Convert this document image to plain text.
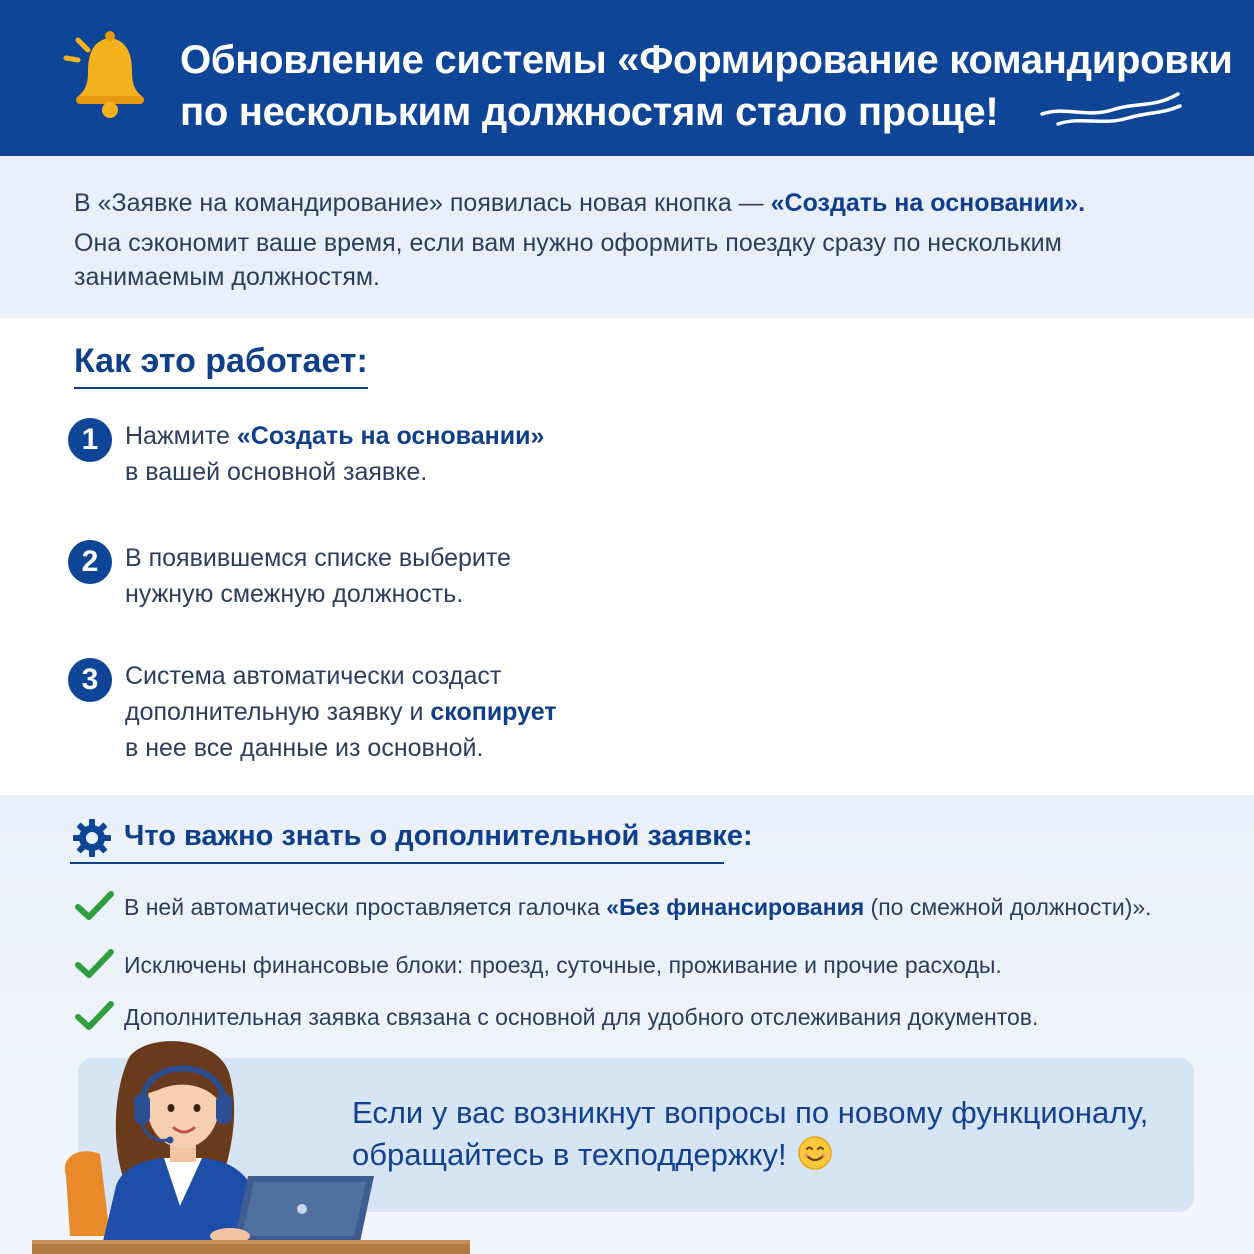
Обновление системы «Формирование командировки
по нескольким должностям стало проще!

В «Заявке на командирование» появилась новая кнопка — «Создать на основании».

Она сэкономит ваше время, если вам нужно оформить поездку сразу по нескольким занимаемым должностям.

Как это работает:
1	Нажмите «Создать на основании»
в вашей основной заявке.
2	В появившемся списке выберите
нужную смежную должность.
3	Система автоматически создаст
дополнительную заявку и скопирует
в нее все данные из основной.
Что важно знать о дополнительной заявке:
В ней автоматически проставляется галочка «Без финансирования (по смежной должности)».
Исключены финансовые блоки: проезд, суточные, проживание и прочие расходы.
Дополнительная заявка связана с основной для удобного отслеживания документов.
Если у вас возникнут вопросы по новому функционалу,
обращайтесь в техподдержку!
